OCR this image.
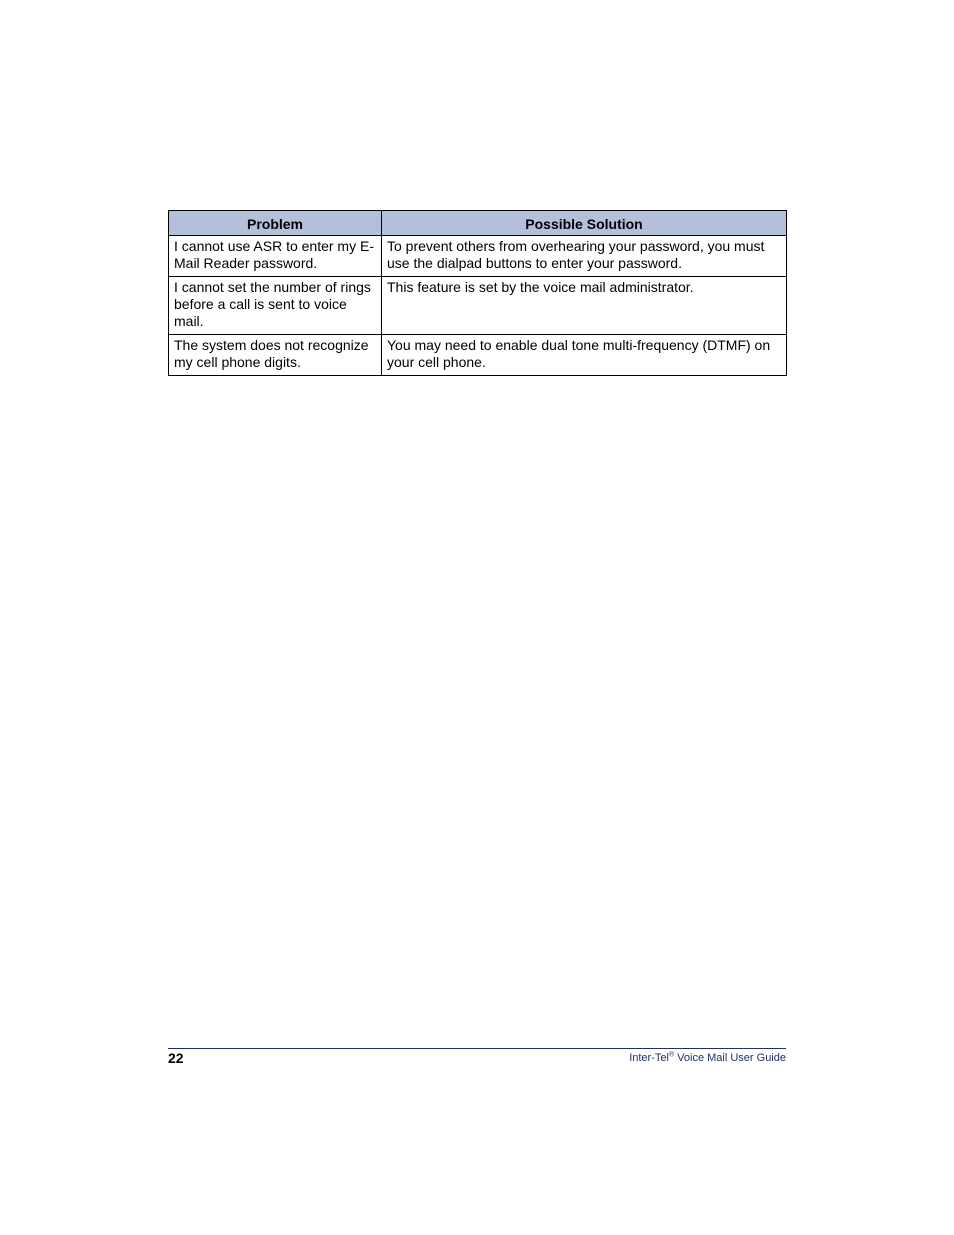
Problem	Possible Solution
I cannot use ASR to enter my E-Mail Reader password.	To prevent others from overhearing your password, you must use the dialpad buttons to enter your password.
I cannot set the number of rings before a call is sent to voice mail.	This feature is set by the voice mail administrator.
The system does not recognize my cell phone digits.	You may need to enable dual tone multi-frequency (DTMF) on your cell phone.
22	Inter-Tel® Voice Mail User Guide
